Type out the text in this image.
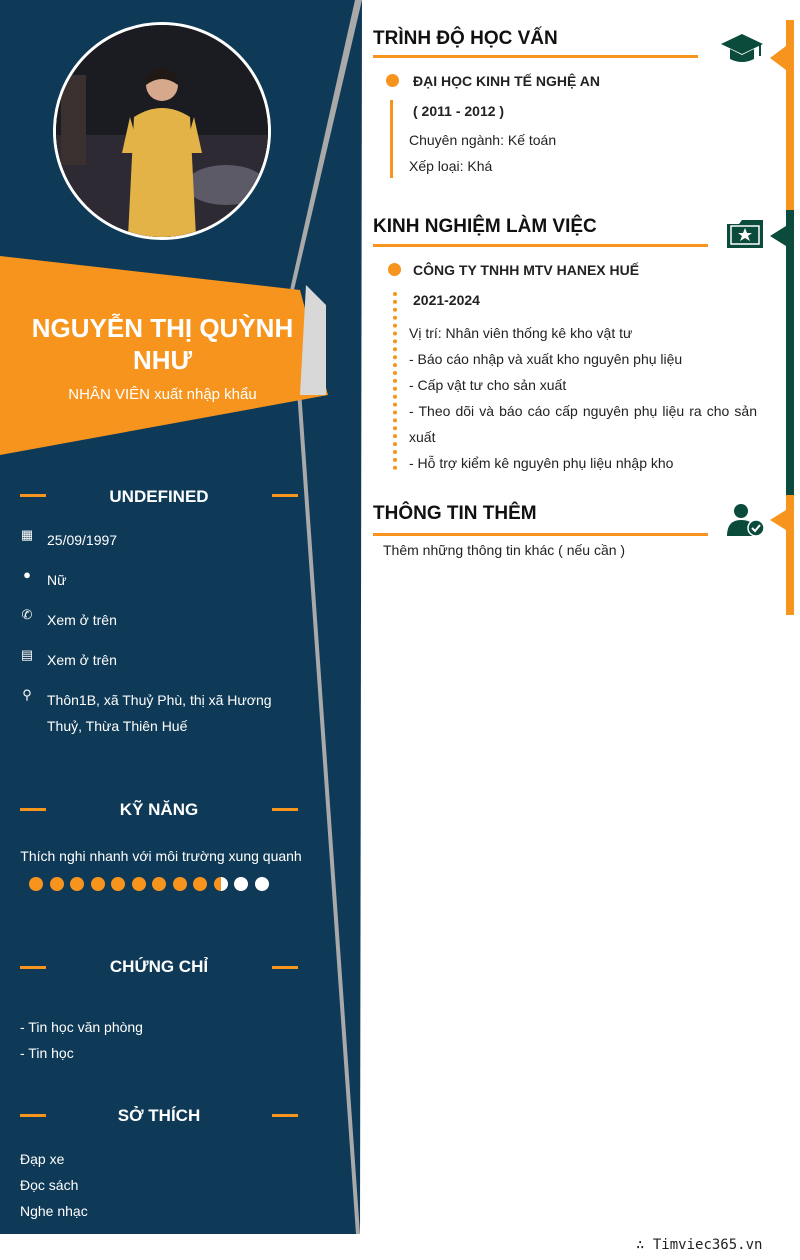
NGUYỄN THỊ QUỲNH NHƯ
NHÂN VIÊN xuất nhập khẩu
UNDEFINED
▦ 25/09/1997
● Nữ
✆ Xem ở trên
▤ Xem ở trên
⚲ Thôn1B, xã Thuỷ Phù, thị xã Hương Thuỷ, Thừa Thiên Huế
KỸ NĂNG
Thích nghi nhanh với môi trường xung quanh
CHỨNG CHỈ
- Tin học văn phòng
- Tin học
SỞ THÍCH
Đạp xe
Đọc sách
Nghe nhạc
TRÌNH ĐỘ HỌC VẤN
ĐẠI HỌC KINH TẾ NGHỆ AN
( 2011 - 2012 )
Chuyên ngành: Kế toán
Xếp loại: Khá
KINH NGHIỆM LÀM VIỆC
CÔNG TY TNHH MTV HANEX HUẾ
2021-2024
Vị trí: Nhân viên thống kê kho vật tư
- Báo cáo nhập và xuất kho nguyên phụ liệu
- Cấp vật tư cho sản xuất
- Theo dõi và báo cáo cấp nguyên phụ liệu ra cho sản xuất
- Hỗ trợ kiểm kê nguyên phụ liệu nhập kho
THÔNG TIN THÊM
Thêm những thông tin khác ( nếu cần )
∴ Timviec365.vn
